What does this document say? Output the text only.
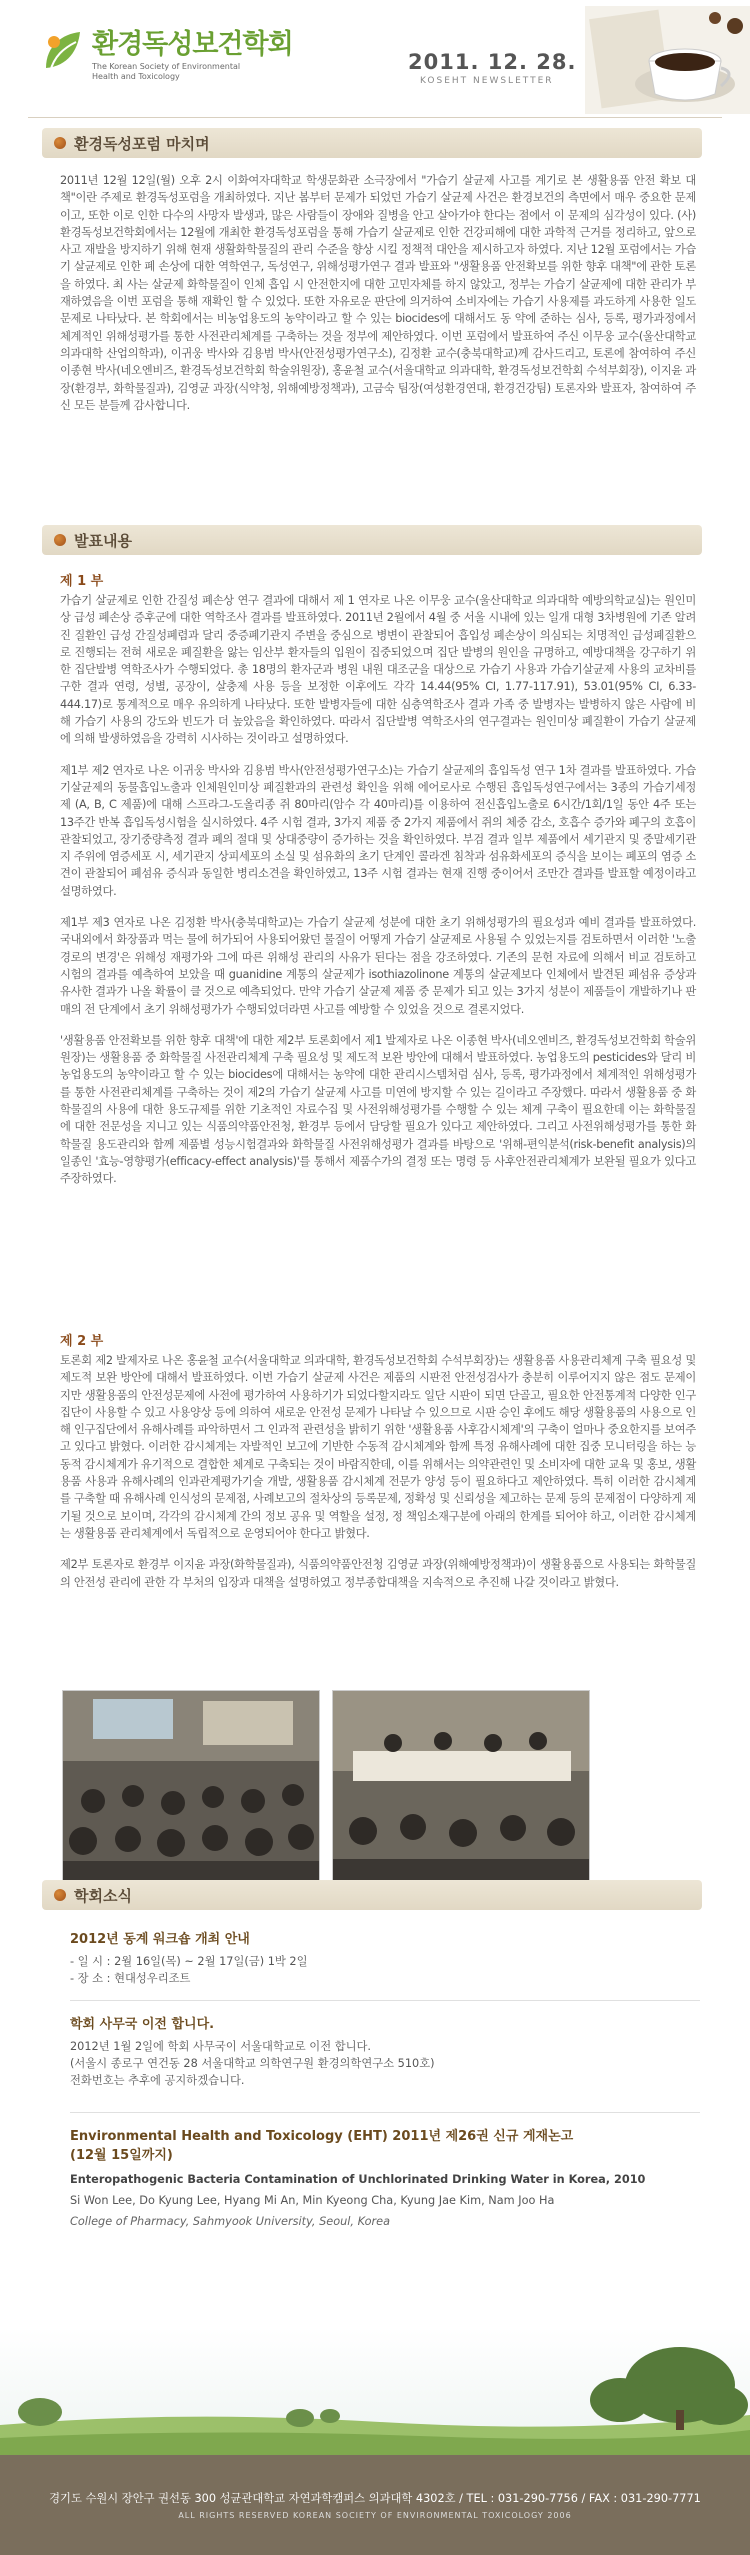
환경독성보건학회
The Korean Society of Environmental
Health and Toxicology
2011. 12. 28.
KOSEHT NEWSLETTER
환경독성포럼 마치며

2011년 12월 12일(월) 오후 2시 이화여자대학교 학생문화관 소극장에서 "가습기 살균제 사고를 계기로 본 생활용품 안전 확보 대책"이란 주제로 환경독성포럼을 개최하였다. 지난 봄부터 문제가 되었던 가습기 살균제 사건은 환경보건의 측면에서 매우 중요한 문제이고, 또한 이로 인한 다수의 사망자 발생과, 많은 사람들이 장애와 질병을 안고 살아가야 한다는 점에서 이 문제의 심각성이 있다. (사)환경독성보건학회에서는 12월에 개최한 환경독성포럼을 통해 가습기 살균제로 인한 건강피해에 대한 과학적 근거를 정리하고, 앞으로 사고 재발을 방지하기 위해 현재 생활화학물질의 관리 수준을 향상 시킬 정책적 대안을 제시하고자 하였다. 지난 12월 포럼에서는 가습기 살균제로 인한 폐 손상에 대한 역학연구, 독성연구, 위해성평가연구 결과 발표와 "생활용품 안전확보를 위한 향후 대책"에 관한 토론을 하였다. 최 사는 살균제 화학물질이 인체 흡입 시 안전한지에 대한 고민자체를 하지 않았고, 정부는 가습기 살균제에 대한 관리가 부재하였음을 이번 포럼을 통해 재확인 할 수 있었다. 또한 자유로운 판단에 의거하여 소비자에는 가습기 사용제를 과도하게 사용한 일도 문제로 나타났다. 본 학회에서는 비농업용도의 농약이라고 할 수 있는 biocides에 대해서도 동 약에 준하는 심사, 등록, 평가과정에서 체계적인 위해성평가를 통한 사전관리체계를 구축하는 것을 정부에 제안하였다. 이번 포럼에서 발표하여 주신 이무웅 교수(울산대학교 의과대학 산업의학과), 이귀웅 박사와 김용범 박사(안전성평가연구소), 김정환 교수(충북대학교)께 감사드리고, 토론에 참여하여 주신 이종현 박사(네오엔비즈, 환경독성보건학회 학술위원장), 홍윤철 교수(서울대학교 의과대학, 환경독성보건학회 수석부회장), 이지윤 과장(환경부, 화학물질과), 김영균 과장(식약청, 위해예방정책과), 고금숙 팀장(여성환경연대, 환경건강팀) 토론자와 발표자, 참여하여 주신 모든 분들께 감사합니다.

발표내용
제 1 부

가습기 살균제로 인한 간질성 폐손상 연구 결과에 대해서 제 1 연자로 나온 이무웅 교수(울산대학교 의과대학 예방의학교실)는 원인미상 급성 폐손상 증후군에 대한 역학조사 결과를 발표하였다. 2011년 2월에서 4월 중 서울 시내에 있는 일개 대형 3차병원에 기존 알려진 질환인 급성 간질성폐렴과 달리 중증폐기관지 주변을 중심으로 병변이 관찰되어 흡입성 폐손상이 의심되는 치명적인 급성폐질환으로 진행되는 전혀 새로운 폐질환을 앓는 임산부 환자들의 입원이 집중되었으며 집단 발병의 원인을 규명하고, 예방대책을 강구하기 위한 집단발병 역학조사가 수행되었다. 총 18명의 환자군과 병원 내원 대조군을 대상으로 가습기 사용과 가습기살균제 사용의 교차비를 구한 결과 연령, 성별, 공장이, 살충제 사용 등을 보정한 이후에도 각각 14.44(95% CI, 1.77-117.91), 53.01(95% CI, 6.33-444.17)로 통계적으로 매우 유의하게 나타났다. 또한 발병자들에 대한 심층역학조사 결과 가족 중 발병자는 발병하지 않은 사람에 비해 가습기 사용의 강도와 빈도가 더 높았음을 확인하였다. 따라서 집단발병 역학조사의 연구결과는 원인미상 폐질환이 가습기 살균제에 의해 발생하였음을 강력히 시사하는 것이라고 설명하였다.

제1부 제2 연자로 나온 이귀웅 박사와 김용범 박사(안전성평가연구소)는 가습기 살균제의 흡입독성 연구 1차 결과를 발표하였다. 가습기살균제의 동물흡입노출과 인체원인미상 폐질환과의 관련성 확인을 위해 에어로사로 수행된 흡입독성연구에서는 3종의 가습기세정제 (A, B, C 제품)에 대해 스프라그-도올리종 쥐 80마리(암수 각 40마리)를 이용하여 전신흡입노출로 6시간/1회/1일 동안 4주 또는 13주간 반복 흡입독성시험을 실시하였다. 4주 시험 결과, 3가지 제품 중 2가지 제품에서 쥐의 체중 감소, 호흡수 증가와 폐구의 호흡이 관찰되었고, 장기중량측정 결과 폐의 절대 및 상대중량이 증가하는 것을 확인하였다. 부검 결과 일부 제품에서 세기관지 및 중말세기관지 주위에 염증세포 시, 세기관지 상피세포의 소실 및 섬유화의 초기 단계인 콜라겐 침착과 섬유화세포의 증식을 보이는 폐포의 염증 소견이 관찰되어 폐섬유 증식과 동일한 병리소견을 확인하였고, 13주 시험 결과는 현재 진행 중이어서 조만간 결과를 발표할 예정이라고 설명하였다.

제1부 제3 연자로 나온 김정환 박사(충북대학교)는 가습기 살균제 성분에 대한 초기 위해성평가의 필요성과 예비 결과를 발표하였다. 국내외에서 화장품과 먹는 물에 허가되어 사용되어왔던 물질이 어떻게 가습기 살균제로 사용될 수 있었는지를 검토하면서 이러한 '노출경로의 변경'은 위해성 재평가와 그에 따른 위해성 관리의 사유가 된다는 점을 강조하였다. 기존의 문헌 자료에 의해서 비교 검토하고 시험의 결과를 예측하여 보았을 때 guanidine 계통의 살균제가 isothiazolinone 계통의 살균제보다 인체에서 발견된 폐섬유 증상과 유사한 결과가 나올 확률이 클 것으로 예측되었다. 만약 가습기 살균제 제품 중 문제가 되고 있는 3가지 성분이 제품들이 개발하기나 판매의 전 단계에서 초기 위해성평가가 수행되었더라면 사고를 예방할 수 있었을 것으로 결론지었다.

'생활용품 안전확보를 위한 향후 대책'에 대한 제2부 토론회에서 제1 발제자로 나온 이종현 박사(네오엔비즈, 환경독성보건학회 학술위원장)는 생활용품 중 화학물질 사전관리체계 구축 필요성 및 제도적 보완 방안에 대해서 발표하였다. 농업용도의 pesticides와 달리 비농업용도의 농약이라고 할 수 있는 biocides에 대해서는 농약에 대한 관리시스템처럼 심사, 등록, 평가과정에서 체계적인 위해성평가를 통한 사전관리체계를 구축하는 것이 제2의 가습기 살균제 사고를 미연에 방지할 수 있는 길이라고 주장했다. 따라서 생활용품 중 화학물질의 사용에 대한 용도규제를 위한 기초적인 자료수집 및 사전위해성평가를 수행할 수 있는 체계 구축이 필요한데 이는 화학물질에 대한 전문성을 지니고 있는 식품의약품안전청, 환경부 등에서 담당할 필요가 있다고 제안하였다. 그리고 사전위해성평가를 통한 화학물질 용도관리와 함께 제품별 성능시험결과와 화학물질 사전위해성평가 결과를 바탕으로 '위해-편익분석(risk-benefit analysis)의 일종인 '효능-영향평가(efficacy-effect analysis)'를 통해서 제품수가의 결정 또는 명령 등 사후안전관리체계가 보완될 필요가 있다고 주장하였다.

제 2 부

토론회 제2 발제자로 나온 홍윤철 교수(서울대학교 의과대학, 환경독성보건학회 수석부회장)는 생활용품 사용관리체계 구축 필요성 및 제도적 보완 방안에 대해서 발표하였다. 이번 가습기 살균제 사건은 제품의 시판전 안전성검사가 충분히 이루어지지 않은 점도 문제이지만 생활용품의 안전성문제에 사전에 평가하여 사용하기가 되었다할지라도 일단 시판이 되면 단골고, 필요한 안전통계적 다양한 인구집단이 사용할 수 있고 사용양상 등에 의하여 새로운 안전성 문제가 나타날 수 있으므로 시판 승인 후에도 해당 생활용품의 사용으로 인해 인구집단에서 유해사례를 파악하면서 그 인과적 관련성을 밝히기 위한 '생활용품 사후감시체계'의 구축이 얼마나 중요한지를 보여주고 있다고 밝혔다. 이러한 감시체계는 자발적인 보고에 기반한 수동적 감시체계와 함께 특정 유해사례에 대한 집중 모니터링을 하는 능동적 감시체계가 유기적으로 결합한 체계로 구축되는 것이 바람직한데, 이를 위해서는 의약관련인 및 소비자에 대한 교육 및 홍보, 생활용품 사용과 유해사례의 인과관계평가기술 개발, 생활용품 감시체계 전문가 양성 등이 필요하다고 제안하였다. 특히 이러한 감시체계를 구축할 때 유해사례 인식성의 문제점, 사례보고의 절차상의 등록문제, 정확성 및 신뢰성을 제고하는 문제 등의 문제점이 다양하게 제기될 것으로 보이며, 각각의 감시체계 간의 정보 공유 및 역할을 설정, 정 책임소재구분에 아래의 한계를 되어야 하고, 이러한 감시체계는 생활용품 관리체계에서 독립적으로 운영되어야 한다고 밝혔다.

제2부 토론자로 환경부 이지윤 과장(화학물질과), 식품의약품안전청 김영균 과장(위해예방정책과)이 생활용품으로 사용되는 화학물질의 안전성 관리에 관한 각 부처의 입장과 대책을 설명하였고 정부종합대책을 지속적으로 추진해 나갈 것이라고 밝혔다.

학회소식
2012년 동계 워크숍 개최 안내
- 일 시 : 2월 16일(목) ~ 2월 17일(금) 1박 2일
- 장 소 : 현대성우리조트
학회 사무국 이전 합니다.
2012년 1월 2일에 학회 사무국이 서울대학교로 이전 합니다.
(서울시 종로구 연건동 28 서울대학교 의학연구원 환경의학연구소 510호)
전화번호는 추후에 공지하겠습니다.
Environmental Health and Toxicology (EHT) 2011년 제26권 신규 게재논고
(12월 15일까지)
Enteropathogenic Bacteria Contamination of Unchlorinated Drinking Water in Korea, 2010
Si Won Lee, Do Kyung Lee, Hyang Mi An, Min Kyeong Cha, Kyung Jae Kim, Nam Joo Ha
College of Pharmacy, Sahmyook University, Seoul, Korea
경기도 수원시 장안구 권선동 300 성균관대학교 자연과학캠퍼스 의과대학 4302호 / TEL : 031-290-7756 / FAX : 031-290-7771
ALL RIGHTS RESERVED KOREAN SOCIETY OF ENVIRONMENTAL TOXICOLOGY 2006
